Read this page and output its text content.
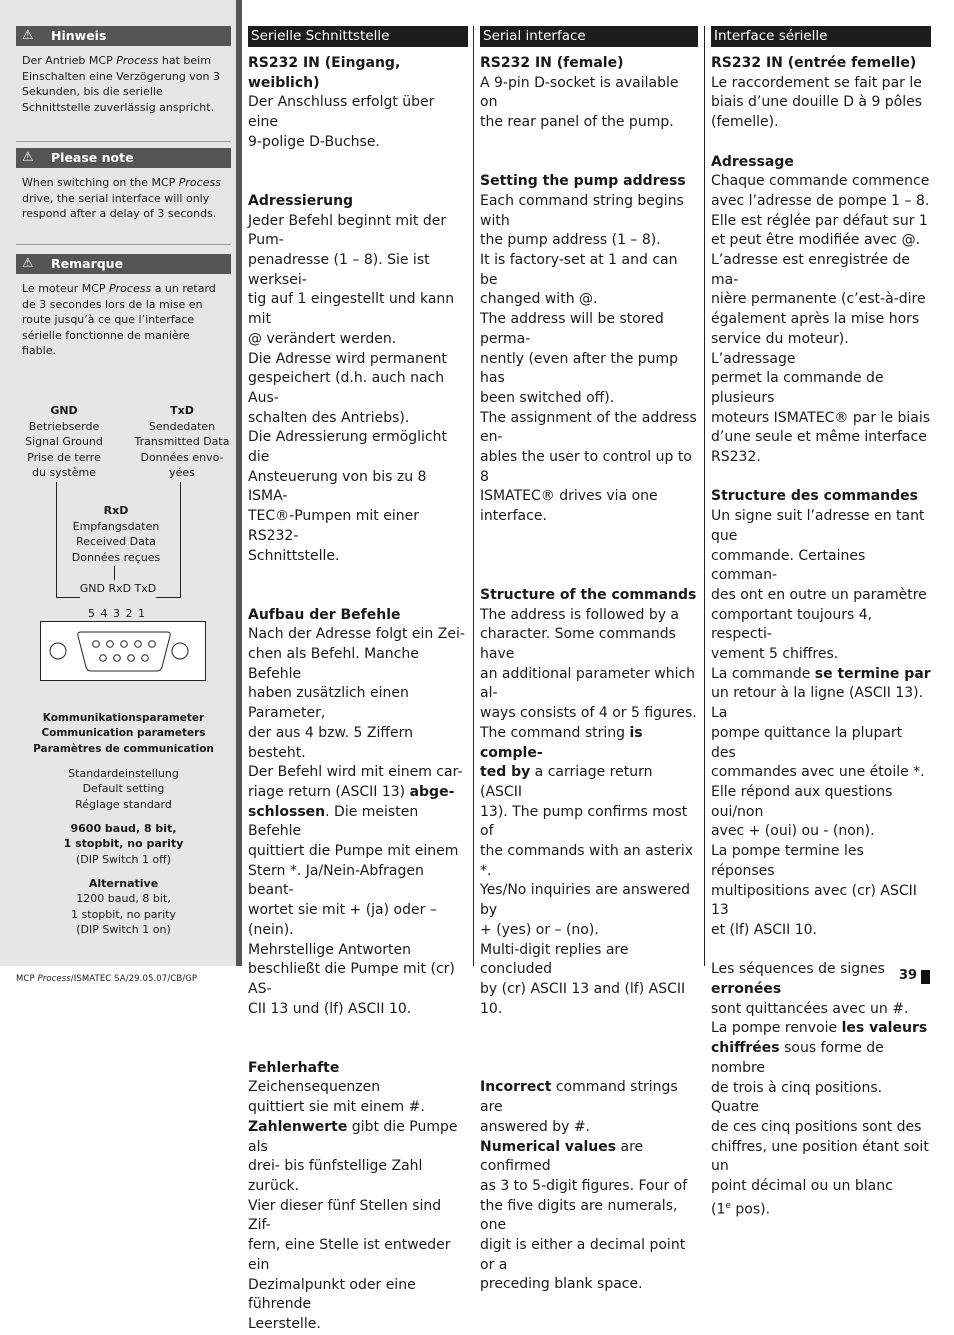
⚠	Hinweis
Der Antrieb MCP Process hat beim Einschalten eine Verzögerung von 3 Sekunden, bis die serielle Schnittstelle zuverlässig anspricht.
⚠	Please note
When switching on the MCP Process drive, the serial interface will only respond after a delay of 3 seconds.
⚠	Remarque
Le moteur MCP Process a un retard de 3 secondes lors de la mise en route jusqu’à ce que l’interface sérielle fonctionne de manière fiable.
GND
Betriebserde
Signal Ground
Prise de terre
du système
TxD
Sendedaten
Transmitted Data
Données envo-
yées
RxD
Empfangsdaten
Received Data
Données reçues
GND RxD TxD
5 4 3 2 1
Kommunikationsparameter
Communication parameters
Paramètres de communication
Standardeinstellung
Default setting
Réglage standard
9600 baud, 8 bit,
1 stopbit, no parity
(DIP Switch 1 off)
Alternative
1200 baud, 8 bit,
1 stopbit, no parity
(DIP Switch 1 on)
Serielle Schnittstelle

RS232 IN (Eingang, weiblich)

Der Anschluss erfolgt über eine

9-polige D-Buchse.

Adressierung

Jeder Befehl beginnt mit der Pum-

penadresse (1 – 8). Sie ist werksei-

tig auf 1 eingestellt und kann mit

@ verändert werden.

Die Adresse wird permanent

gespeichert (d.h. auch nach Aus-

schalten des Antriebs).

Die Adressierung ermöglicht die

Ansteuerung von bis zu 8 ISMA-

TEC®-Pumpen mit einer RS232-

Schnittstelle.

Aufbau der Befehle

Nach der Adresse folgt ein Zei-

chen als Befehl. Manche Befehle

haben zusätzlich einen Parameter,

der aus 4 bzw. 5 Ziffern besteht.

Der Befehl wird mit einem car-

riage return (ASCII 13) abge-

schlossen. Die meisten Befehle

quittiert die Pumpe mit einem

Stern *. Ja/Nein-Abfragen beant-

wortet sie mit + (ja) oder – (nein).

Mehrstellige Antworten

beschließt die Pumpe mit (cr) AS-

CII 13 und (lf) ASCII 10.

Fehlerhafte Zeichensequenzen

quittiert sie mit einem #.

Zahlenwerte gibt die Pumpe als

drei- bis fünfstellige Zahl zurück.

Vier dieser fünf Stellen sind Zif-

fern, eine Stelle ist entweder ein

Dezimalpunkt oder eine führende

Leerstelle.

Serial interface

RS232 IN (female)

A 9-pin D-socket is available on

the rear panel of the pump.

Setting the pump address

Each command string begins with

the pump address (1 – 8).

It is factory-set at 1 and can be

changed with @.

The address will be stored perma-

nently (even after the pump has

been switched off).

The assignment of the address en-

ables the user to control up to 8

ISMATEC® drives via one interface.

Structure of the commands

The address is followed by a

character. Some commands have

an additional parameter which al-

ways consists of 4 or 5 figures.

The command string is comple-

ted by a carriage return (ASCII

13). The pump confirms most of

the commands with an asterix *.

Yes/No inquiries are answered by

+ (yes) or – (no).

Multi-digit replies are concluded

by (cr) ASCII 13 and (lf) ASCII 10.

Incorrect command strings are

answered by #.

Numerical values are confirmed

as 3 to 5-digit figures. Four of

the five digits are numerals, one

digit is either a decimal point or a

preceding blank space.

Interface sérielle

RS232 IN (entrée femelle)

Le raccordement se fait par le

biais d’une douille D à 9 pôles

(femelle).

Adressage

Chaque commande commence

avec l’adresse de pompe 1 – 8.

Elle est réglée par défaut sur 1

et peut être modifiée avec @.

L’adresse est enregistrée de ma-

nière permanente (c’est-à-dire

également après la mise hors

service du moteur). L’adressage

permet la commande de plusieurs

moteurs ISMATEC® par le biais

d’une seule et même interface

RS232.

Structure des commandes

Un signe suit l’adresse en tant que

commande. Certaines comman-

des ont en outre un paramètre

comportant toujours 4, respecti-

vement 5 chiffres.

La commande se termine par

un retour à la ligne (ASCII 13). La

pompe quittance la plupart des

commandes avec une étoile *.

Elle répond aux questions oui/non

avec + (oui) ou - (non).

La pompe termine les réponses

multipositions avec (cr) ASCII 13

et (lf) ASCII 10.

Les séquences de signes erronées

sont quittancées avec un #.

La pompe renvoie les valeurs

chiffrées sous forme de nombre

de trois à cinq positions. Quatre

de ces cinq positions sont des

chiffres, une position étant soit un

point décimal ou un blanc

(1e pos).

MCP Process/ISMATEC SA/29.05.07/CB/GP	39
